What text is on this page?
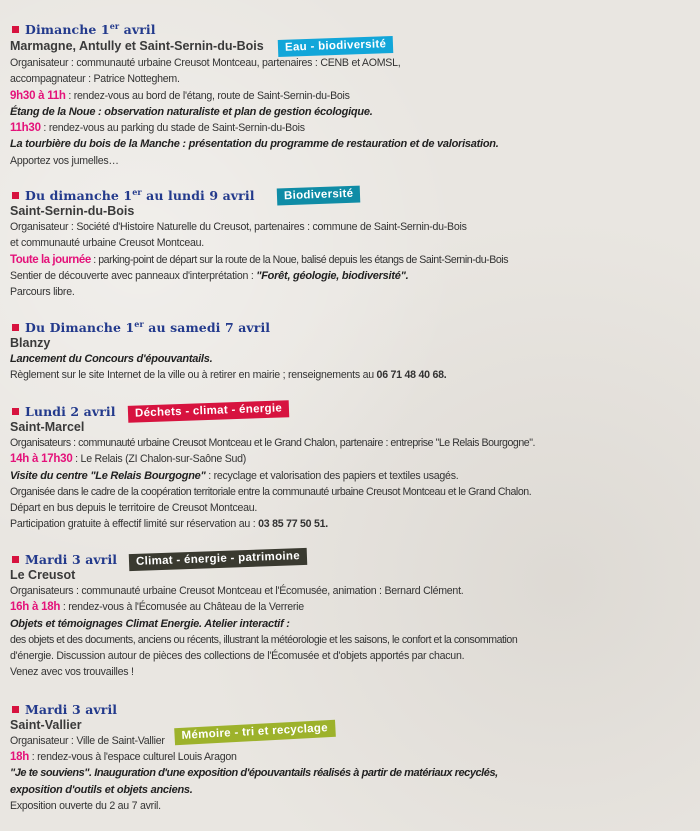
Dimanche 1er avril
Marmagne, Antully et Saint-Sernin-du-Bois	Eau - biodiversité
Organisateur : communauté urbaine Creusot Montceau, partenaires : CENB et AOMSL,
accompagnateur : Patrice Notteghem.
9h30 à 11h : rendez-vous au bord de l'étang, route de Saint-Sernin-du-Bois
Étang de la Noue : observation naturaliste et plan de gestion écologique.
11h30 : rendez-vous au parking du stade de Saint-Sernin-du-Bois
La tourbière du bois de la Manche : présentation du programme de restauration et de valorisation.
Apportez vos jumelles…
Du dimanche 1er au lundi 9 avril	Biodiversité
Saint-Sernin-du-Bois
Organisateur : Société d'Histoire Naturelle du Creusot, partenaires : commune de Saint-Sernin-du-Bois
et communauté urbaine Creusot Montceau.
Toute la journée : parking-point de départ sur la route de la Noue, balisé depuis les étangs de Saint-Sernin-du-Bois
Sentier de découverte avec panneaux d'interprétation : "Forêt, géologie, biodiversité".
Parcours libre.
Du Dimanche 1er au samedi 7 avril
Blanzy
Lancement du Concours d'épouvantails.
Règlement sur le site Internet de la ville ou à retirer en mairie ; renseignements au 06 71 48 40 68.
Lundi 2 avril	Déchets - climat - énergie
Saint-Marcel
Organisateurs : communauté urbaine Creusot Montceau et le Grand Chalon, partenaire : entreprise "Le Relais Bourgogne".
14h à 17h30 : Le Relais (ZI Chalon-sur-Saône Sud)
Visite du centre "Le Relais Bourgogne" : recyclage et valorisation des papiers et textiles usagés.
Organisée dans le cadre de la coopération territoriale entre la communauté urbaine Creusot Montceau et le Grand Chalon.
Départ en bus depuis le territoire de Creusot Montceau.
Participation gratuite à effectif limité sur réservation au : 03 85 77 50 51.
Mardi 3 avril	Climat - énergie - patrimoine
Le Creusot
Organisateurs : communauté urbaine Creusot Montceau et l'Écomusée, animation : Bernard Clément.
16h à 18h : rendez-vous à l'Écomusée au Château de la Verrerie
Objets et témoignages Climat Energie. Atelier interactif :
des objets et des documents, anciens ou récents, illustrant la météorologie et les saisons, le confort et la consommation
d'énergie. Discussion autour de pièces des collections de l'Écomusée et d'objets apportés par chacun.
Venez avec vos trouvailles !
Mardi 3 avril
Saint-Vallier
Organisateur : Ville de Saint-Vallier	Mémoire - tri et recyclage
18h : rendez-vous à l'espace culturel Louis Aragon
"Je te souviens". Inauguration d'une exposition d'épouvantails réalisés à partir de matériaux recyclés,
exposition d'outils et objets anciens.
Exposition ouverte du 2 au 7 avril.
